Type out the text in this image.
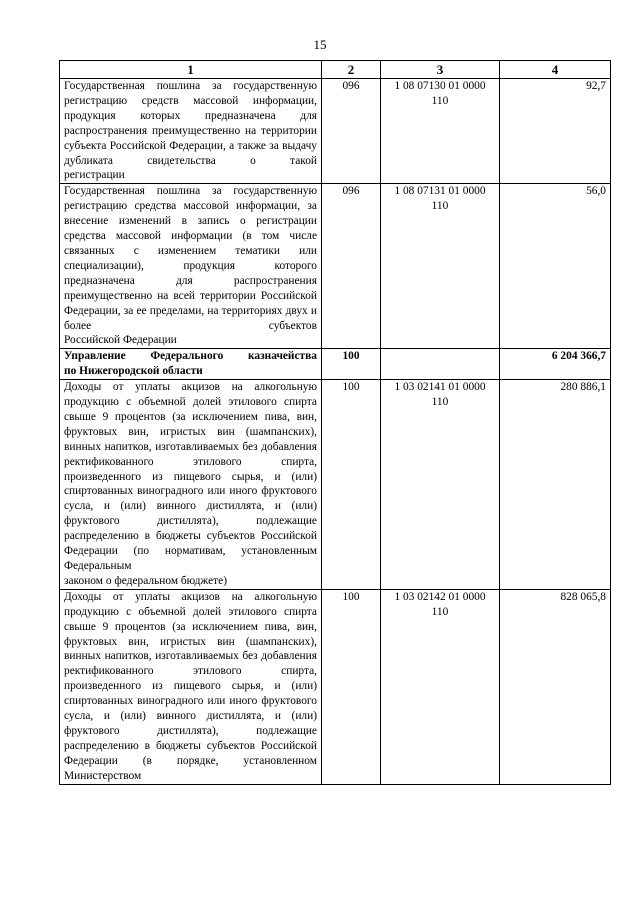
15
1	2	3	4
Государственная пошлина за государственную регистрацию средств массовой информации, продукция которых предназначена для распространения преимущественно на территории субъекта Российской Федерации, а также за выдачу дубликата свидетельства о такой
регистрации	096	1 08 07130 01 0000 110	92,7
Государственная пошлина за государственную регистрацию средства массовой информации, за внесение изменений в запись о регистрации средства массовой информации (в том числе связанных с изменением тематики или специализации), продукция которого предназначена для распространения преимущественно на всей территории Российской Федерации, за ее пределами, на территориях двух и более субъектов
Российской Федерации	096	1 08 07131 01 0000 110	56,0
Управление Федерального казначейства
по Нижегородской области	100		6 204 366,7
Доходы от уплаты акцизов на алкогольную продукцию с объемной долей этилового спирта свыше 9 процентов (за исключением пива, вин, фруктовых вин, игристых вин (шампанских), винных напитков, изготавливаемых без добавления ректификованного этилового спирта, произведенного из пищевого сырья, и (или) спиртованных виноградного или иного фруктового сусла, и (или) винного дистиллята, и (или) фруктового дистиллята), подлежащие распределению в бюджеты субъектов Российской Федерации (по нормативам, установленным Федеральным
законом о федеральном бюджете)	100	1 03 02141 01 0000 110	280 886,1
Доходы от уплаты акцизов на алкогольную продукцию с объемной долей этилового спирта свыше 9 процентов (за исключением пива, вин, фруктовых вин, игристых вин (шампанских), винных напитков, изготавливаемых без добавления ректификованного этилового спирта, произведенного из пищевого сырья, и (или) спиртованных виноградного или иного фруктового сусла, и (или) винного дистиллята, и (или) фруктового дистиллята), подлежащие распределению в бюджеты субъектов Российской Федерации (в порядке, установленном Министерством	100	1 03 02142 01 0000 110	828 065,8
